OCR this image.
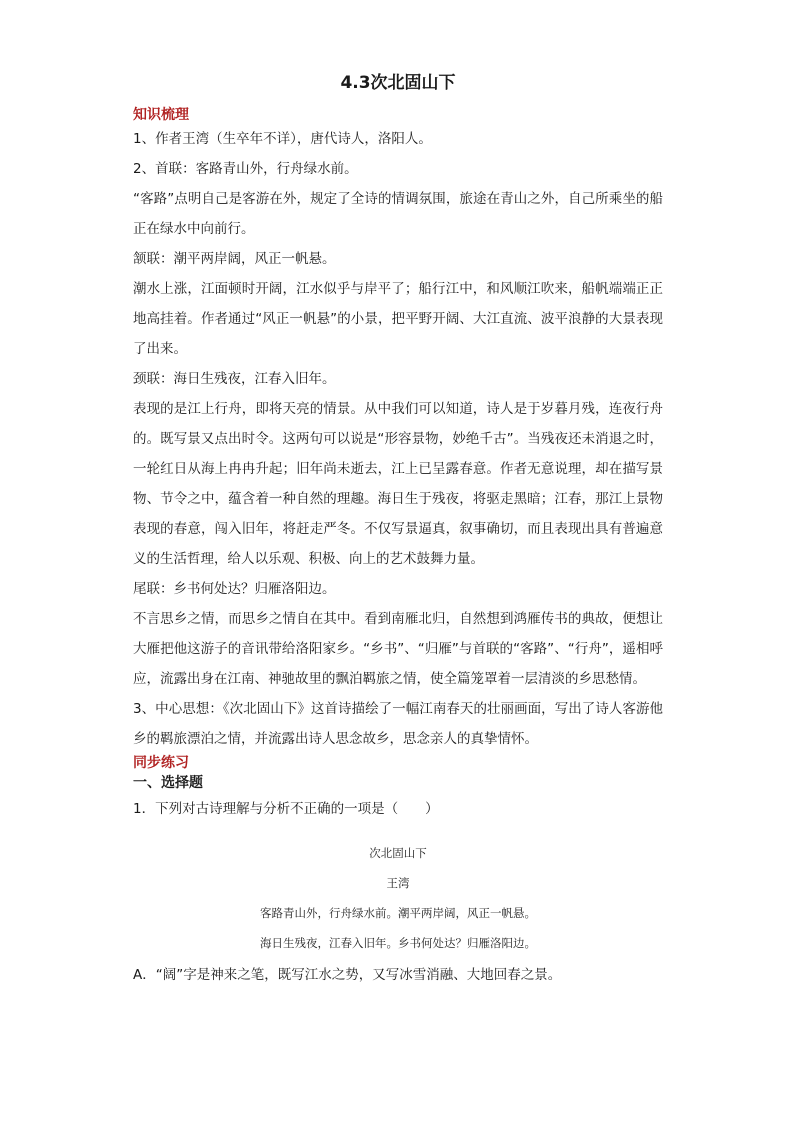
4.3次北固山下
知识梳理
1、作者王湾（生卒年不详），唐代诗人，洛阳人。
2、首联：客路青山外，行舟绿水前。
“客路”点明自己是客游在外，规定了全诗的情调氛围，旅途在青山之外，自己所乘坐的船正在绿水中向前行。
颔联：潮平两岸阔，风正一帆悬。
潮水上涨，江面顿时开阔，江水似乎与岸平了；船行江中，和风顺江吹来，船帆端端正正地高挂着。作者通过“风正一帆悬”的小景，把平野开阔、大江直流、波平浪静的大景表现了出来。
颈联：海日生残夜，江春入旧年。
表现的是江上行舟，即将天亮的情景。从中我们可以知道，诗人是于岁暮月残，连夜行舟的。既写景又点出时令。这两句可以说是“形容景物，妙绝千古”。当残夜还未消退之时，一轮红日从海上冉冉升起；旧年尚未逝去，江上已呈露春意。作者无意说理，却在描写景物、节令之中，蕴含着一种自然的理趣。海日生于残夜，将驱走黑暗；江春，那江上景物表现的春意，闯入旧年，将赶走严冬。不仅写景逼真，叙事确切，而且表现出具有普遍意义的生活哲理，给人以乐观、积极、向上的艺术鼓舞力量。
尾联：乡书何处达？归雁洛阳边。
不言思乡之情，而思乡之情自在其中。看到南雁北归，自然想到鸿雁传书的典故，便想让大雁把他这游子的音讯带给洛阳家乡。“乡书”、“归雁”与首联的“客路”、“行舟”，遥相呼应，流露出身在江南、神驰故里的飘泊羁旅之情，使全篇笼罩着一层清淡的乡思愁情。
3、中心思想：《次北固山下》这首诗描绘了一幅江南春天的壮丽画面，写出了诗人客游他乡的羁旅漂泊之情，并流露出诗人思念故乡，思念亲人的真挚情怀。
同步练习
一、选择题
1．下列对古诗理解与分析不正确的一项是（　　）
次北固山下
王湾
客路青山外，行舟绿水前。潮平两岸阔，风正一帆悬。
海日生残夜，江春入旧年。乡书何处达？归雁洛阳边。
A．“阔”字是神来之笔，既写江水之势，又写冰雪消融、大地回春之景。
